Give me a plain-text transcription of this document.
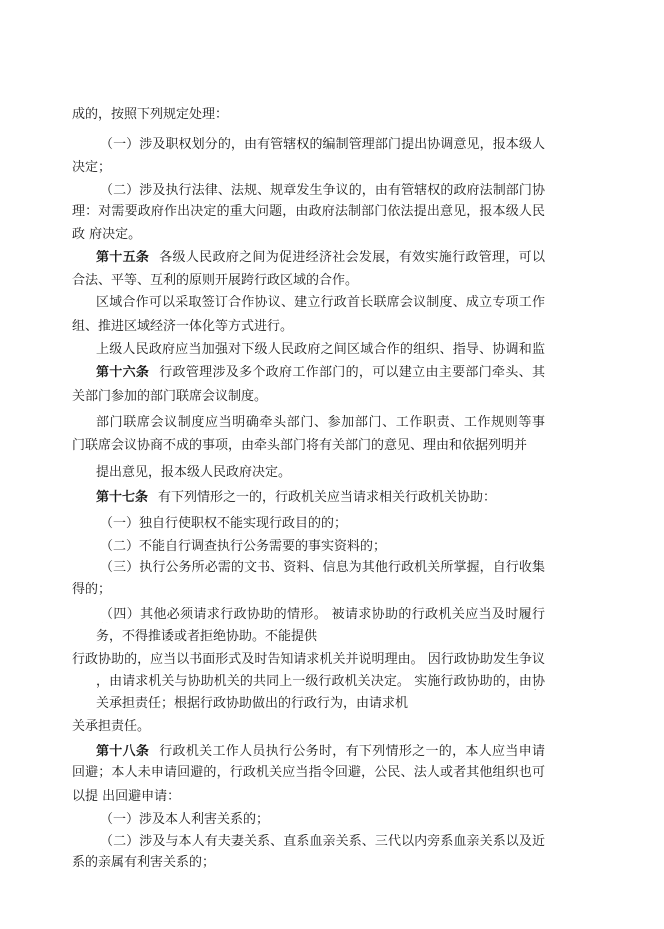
成的，按照下列规定处理：
（一）涉及职权划分的，由有管辖权的编制管理部门提出协调意见，报本级人
决定；
（二）涉及执行法律、法规、规章发生争议的，由有管辖权的政府法制部门协
理：对需要政府作出决定的重大问题，由政府法制部门依法提出意见，报本级人民
政 府决定。
第十五条 各级人民政府之间为促进经济社会发展，有效实施行政管理，可以
合法、平等、互利的原则开展跨行政区域的合作。
区域合作可以采取签订合作协议、建立行政首长联席会议制度、成立专项工作
组、推进区域经济一体化等方式进行。
上级人民政府应当加强对下级人民政府之间区域合作的组织、指导、协调和监
第十六条 行政管理涉及多个政府工作部门的，可以建立由主要部门牵头、其
关部门参加的部门联席会议制度。
部门联席会议制度应当明确牵头部门、参加部门、工作职责、工作规则等事
门联席会议协商不成的事项，由牵头部门将有关部门的意见、理由和依据列明并
提出意见，报本级人民政府决定。
第十七条 有下列情形之一的，行政机关应当请求相关行政机关协助：
（一）独自行使职权不能实现行政目的的；
（二）不能自行调查执行公务需要的事实资料的；
（三）执行公务所必需的文书、资料、信息为其他行政机关所掌握，自行收集
得的；
（四）其他必须请求行政协助的情形。 被请求协助的行政机关应当及时履行
务，不得推诿或者拒绝协助。不能提供
行政协助的，应当以书面形式及时告知请求机关并说明理由。 因行政协助发生争议
，由请求机关与协助机关的共同上一级行政机关决定。 实施行政协助的，由协
关承担责任；根据行政协助做出的行政行为，由请求机
关承担责任。
第十八条 行政机关工作人员执行公务时，有下列情形之一的，本人应当申请
回避；本人未申请回避的，行政机关应当指令回避，公民、法人或者其他组织也可
以提 出回避申请：
（一）涉及本人利害关系的；
（二）涉及与本人有夫妻关系、直系血亲关系、三代以内旁系血亲关系以及近
系的亲属有利害关系的；
